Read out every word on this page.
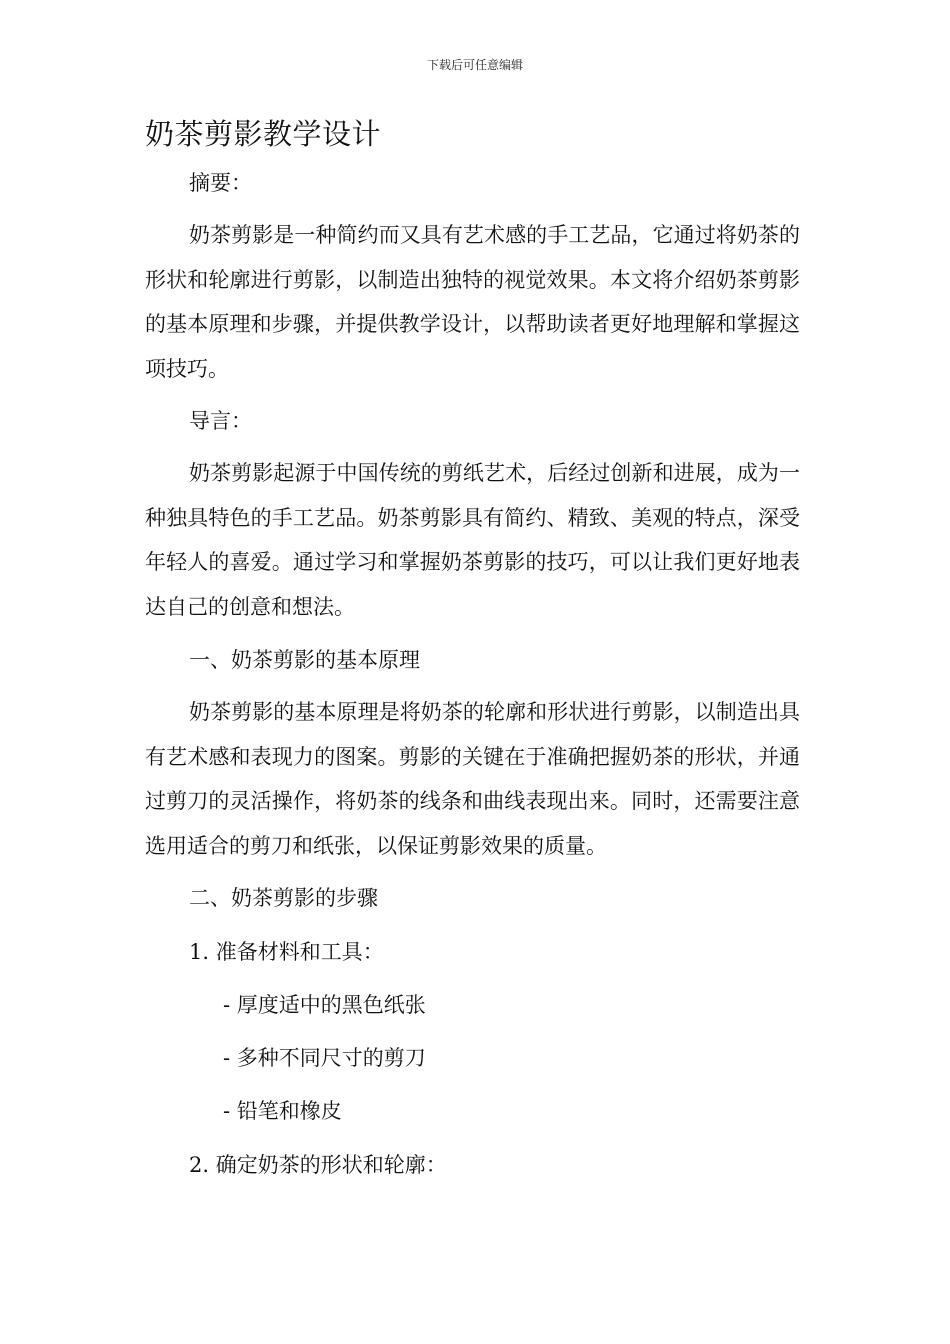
下载后可任意编辑
奶茶剪影教学设计

摘要：

奶茶剪影是一种简约而又具有艺术感的手工艺品，它通过将奶茶的形状和轮廓进行剪影，以制造出独特的视觉效果。本文将介绍奶茶剪影的基本原理和步骤，并提供教学设计，以帮助读者更好地理解和掌握这项技巧。

导言：

奶茶剪影起源于中国传统的剪纸艺术，后经过创新和进展，成为一种独具特色的手工艺品。奶茶剪影具有简约、精致、美观的特点，深受年轻人的喜爱。通过学习和掌握奶茶剪影的技巧，可以让我们更好地表达自己的创意和想法。

一、奶茶剪影的基本原理

奶茶剪影的基本原理是将奶茶的轮廓和形状进行剪影，以制造出具有艺术感和表现力的图案。剪影的关键在于准确把握奶茶的形状，并通过剪刀的灵活操作，将奶茶的线条和曲线表现出来。同时，还需要注意选用适合的剪刀和纸张，以保证剪影效果的质量。

二、奶茶剪影的步骤

1. 准备材料和工具：

- 厚度适中的黑色纸张

- 多种不同尺寸的剪刀

- 铅笔和橡皮

2. 确定奶茶的形状和轮廓：
